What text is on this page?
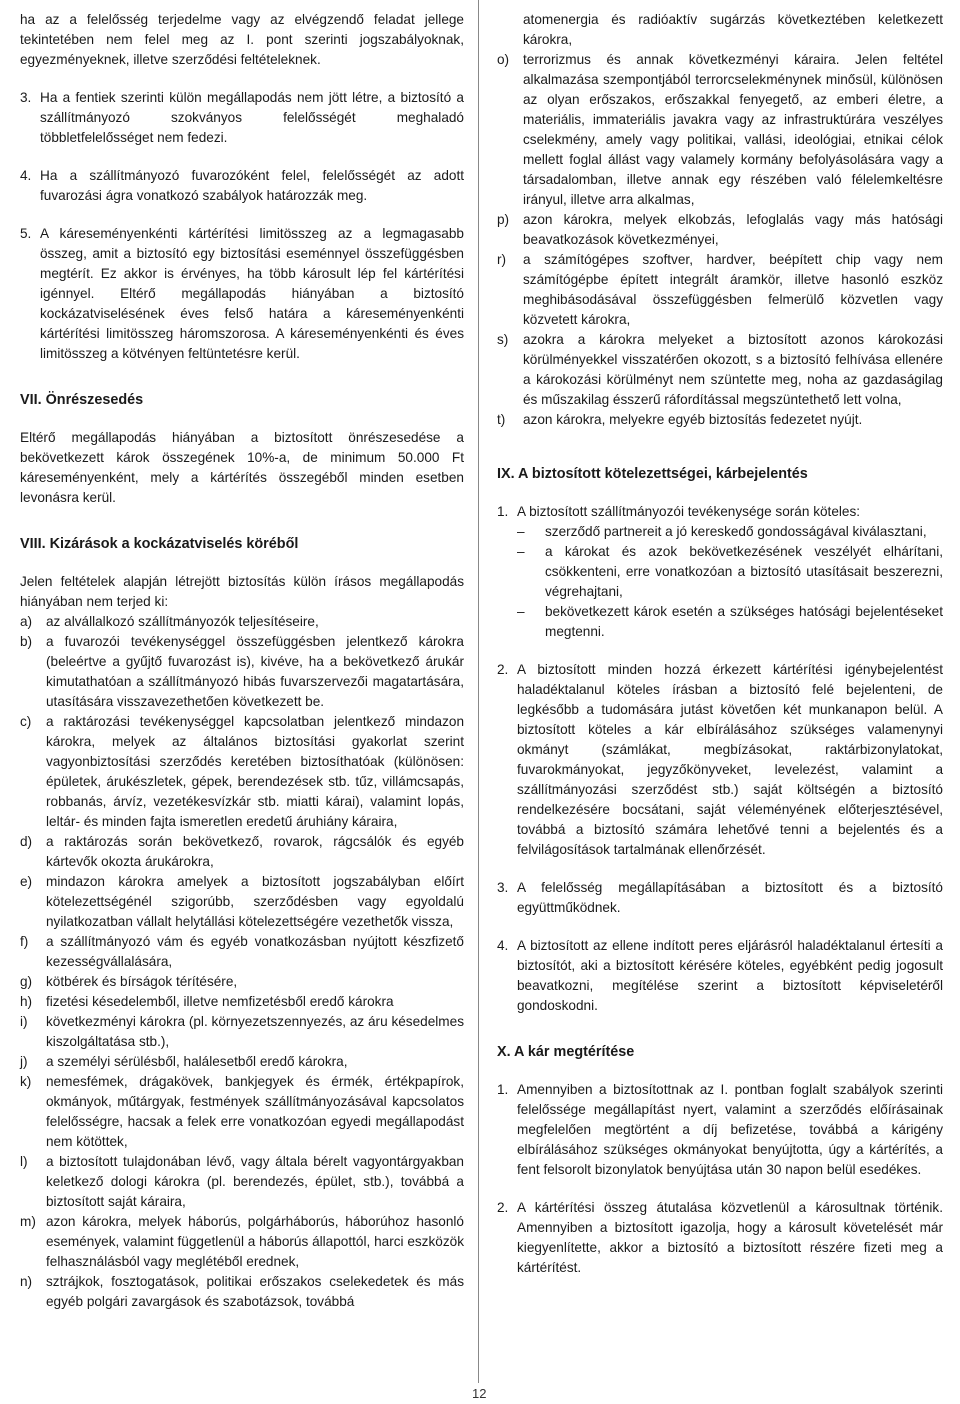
ha az a felelősség terjedelme vagy az elvégzendő feladat jellege tekintetében nem felel meg az I. pont szerinti jogszabályoknak, egyezményeknek, illetve szerződési feltételeknek.

3. Ha a fentiek szerinti külön megállapodás nem jött létre, a biztosító a szállítmányozó szokványos felelősségét meghaladó többletfelelősséget nem fedezi.
4. Ha a szállítmányozó fuvarozóként felel, felelősségét az adott fuvarozási ágra vonatkozó szabályok határozzák meg.
5. A káreseményenkénti kártérítési limitösszeg az a legmagasabb összeg, amit a biztosító egy biztosítási eseménnyel összefüggésben megtérít. Ez akkor is érvényes, ha több károsult lép fel kártérítési igénnyel. Eltérő megállapodás hiányában a biztosító kockázatviselésének éves felső határa a káreseményenkénti kártérítési limitösszeg háromszorosa. A káreseményenkénti és éves limitösszeg a kötvényen feltüntetésre kerül.
VII. Önrészesedés

Eltérő megállapodás hiányában a biztosított önrészesedése a bekövetkezett károk összegének 10%-a, de minimum 50.000 Ft káreseményenként, mely a kártérítés összegéből minden esetben levonásra kerül.

VIII. Kizárások a kockázatviselés köréből

Jelen feltételek alapján létrejött biztosítás külön írásos megállapodás hiányában nem terjed ki:

a)	az alvállalkozó szállítmányozók teljesítéseire,
b)	a fuvarozói tevékenységgel összefüggésben jelentkező károkra (beleértve a gyűjtő fuvarozást is), kivéve, ha a bekövetkező árukár kimutathatóan a szállítmányozó hibás fuvarszervezői magatartására, utasítására visszavezethetően következett be.
c)	a raktározási tevékenységgel kapcsolatban jelentkező mindazon károkra, melyek az általános biztosítási gyakorlat szerint vagyonbiztosítási szerződés keretében biztosíthatóak (különösen: épületek, árukészletek, gépek, berendezések stb. tűz, villámcsapás, robbanás, árvíz, vezetékesvízkár stb. miatti kárai), valamint lopás, leltár- és minden fajta ismeretlen eredetű áruhiány káraira,
d)	a raktározás során bekövetkező, rovarok, rágcsálók és egyéb kártevők okozta árukárokra,
e)	mindazon károkra amelyek a biztosított jogszabályban előírt kötelezettségénél szigorúbb, szerződésben vagy egyoldalú nyilatkozatban vállalt helytállási kötelezettségére vezethetők vissza,
f)	a szállítmányozó vám és egyéb vonatkozásban nyújtott készfizető kezességvállalására,
g)	kötbérek és bírságok térítésére,
h)	fizetési késedelemből, illetve nemfizetésből eredő károkra
i)	következményi károkra (pl. környezetszennyezés, az áru késedelmes kiszolgáltatása stb.),
j)	a személyi sérülésből, halálesetből eredő károkra,
k)	nemesfémek, drágakövek, bankjegyek és érmék, értékpapírok, okmányok, műtárgyak, festmények szállítmányozásával kapcsolatos felelősségre, hacsak a felek erre vonatkozóan egyedi megállapodást nem kötöttek,
l)	a biztosított tulajdonában lévő, vagy általa bérelt vagyontárgyakban keletkező dologi károkra (pl. berendezés, épület, stb.), továbbá a biztosított saját káraira,
m) azon károkra, melyek háborús, polgárháborús, háborúhoz hasonló események, valamint függetlenül a háborús állapottól, harci eszközök felhasználásból vagy meglétéből erednek,
n)	sztrájkok, fosztogatások, politikai erőszakos cselekedetek és más egyéb polgári zavargások és szabotázsok, továbbá
atomenergia és radióaktív sugárzás következtében keletkezett károkra,
o)	terrorizmus és annak következményi káraira. Jelen feltétel alkalmazása szempontjából terrorcselekménynek minősül, különösen az olyan erőszakos, erőszakkal fenyegető, az emberi életre, a materiális, immateriális javakra vagy az infrastruktúrára veszélyes cselekmény, amely vagy politikai, vallási, ideológiai, etnikai célok mellett foglal állást vagy valamely kormány befolyásolására vagy a társadalomban, illetve annak egy részében való félelemkeltésre irányul, illetve arra alkalmas,
p)	azon károkra, melyek elkobzás, lefoglalás vagy más hatósági beavatkozások következményei,
r)	a számítógépes szoftver, hardver, beépített chip vagy nem számítógépbe épített integrált áramkör, illetve hasonló eszköz meghibásodásával összefüggésben felmerülő közvetlen vagy közvetett károkra,
s)	azokra a károkra melyeket a biztosított azonos károkozási körülményekkel visszatérően okozott, s a biztosító felhívása ellenére a károkozási körülményt nem szüntette meg, noha az gazdaságilag és műszakilag ésszerű ráfordítással megszüntethető lett volna,
t)	azon károkra, melyekre egyéb biztosítás fedezetet nyújt.
IX. A biztosított kötelezettségei, kárbejelentés
1. A biztosított szállítmányozói tevékenysége során köteles:
–	szerződő partnereit a jó kereskedő gondosságával kiválasztani,
–	a károkat és azok bekövetkezésének veszélyét elhárítani, csökkenteni, erre vonatkozóan a biztosító utasításait beszerezni, végrehajtani,
–	bekövetkezett károk esetén a szükséges hatósági bejelentéseket megtenni.
2. A biztosított minden hozzá érkezett kártérítési igénybejelentést haladéktalanul köteles írásban a biztosító felé bejelenteni, de legkésőbb a tudomására jutást követően két munkanapon belül. A biztosított köteles a kár elbírálásához szükséges valamenynyi okmányt (számlákat, megbízásokat, raktárbizonylatokat, fuvarokmányokat, jegyzőkönyveket, levelezést, valamint a szállítmányozási szerződést stb.) saját költségén a biztosító rendelkezésére bocsátani, saját véleményének előterjesztésével, továbbá a biztosító számára lehetővé tenni a bejelentés és a felvilágosítások tartalmának ellenőrzését.
3. A felelősség megállapításában a biztosított és a biztosító együttműködnek.
4. A biztosított az ellene indított peres eljárásról haladéktalanul értesíti a biztosítót, aki a biztosított kérésére köteles, egyébként pedig jogosult beavatkozni, megítélése szerint a biztosított képviseletéről gondoskodni.
X. A kár megtérítése
1. Amennyiben a biztosítottnak az I. pontban foglalt szabályok szerinti felelőssége megállapítást nyert, valamint a szerződés előírásainak megfelelően megtörtént a díj befizetése, továbbá a kárigény elbírálásához szükséges okmányokat benyújtotta, úgy a kártérítés, a fent felsorolt bizonylatok benyújtása után 30 napon belül esedékes.
2. A kártérítési összeg átutalása közvetlenül a károsultnak történik. Amennyiben a biztosított igazolja, hogy a károsult követelését már kiegyenlítette, akkor a biztosító a biztosított részére fizeti meg a kártérítést.
12
